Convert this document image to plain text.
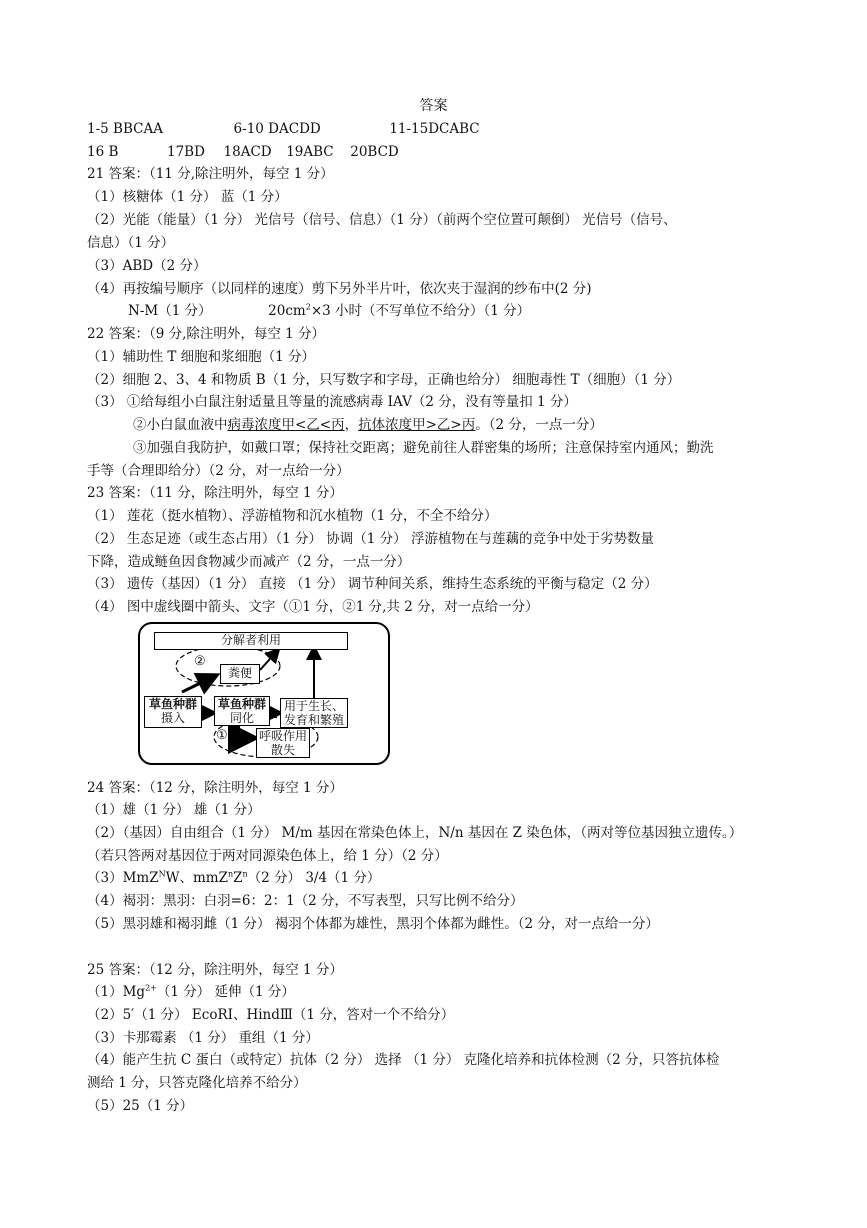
答案
1-5 BBCAA	6-10 DACDD	11-15DCABC
16 B	17BD 18ACD 19ABC 20BCD
21 答案：（11 分,除注明外，每空 1 分）
（1）核糖体（1 分） 蓝（1 分）
（2）光能（能量）（1 分） 光信号（信号、信息）（1 分）（前两个空位置可颠倒） 光信号（信号、
信息）（1 分）
（3）ABD（2 分）
（4）再按编号顺序（以同样的速度）剪下另外半片叶，依次夹于湿润的纱布中(2 分)
N-M（1 分）	$20cm^2\times 3$ 小时（不写单位不给分）（1 分）
22 答案：（9 分,除注明外，每空 1 分）
（1）辅助性 T 细胞和浆细胞（1 分）
（2）细胞 2、3、4 和物质 B（1 分，只写数字和字母，正确也给分） 细胞毒性 T（细胞）（1 分）
（3） ①给每组小白鼠注射适量且等量的流感病毒 IAV（2 分，没有等量扣 1 分）
②小白鼠血液中病毒浓度甲<乙<丙，抗体浓度甲>乙>丙。（2 分，一点一分）
③加强自我防护，如戴口罩；保持社交距离；避免前往人群密集的场所；注意保持室内通风；勤洗
手等（合理即给分）（2 分，对一点给一分）
23 答案：（11 分，除注明外，每空 1 分）
（1） 莲花（挺水植物）、浮游植物和沉水植物（1 分，不全不给分）
（2） 生态足迹（或生态占用）（1 分） 协调（1 分） 浮游植物在与莲藕的竞争中处于劣势数量
下降，造成鲢鱼因食物减少而减产（2 分，一点一分）
（3） 遗传（基因）（1 分） 直接 （1 分） 调节种间关系，维持生态系统的平衡与稳定（2 分）
（4） 图中虚线圈中箭头、文字（①1 分，②1 分,共 2 分，对一点给一分）
分解者利用
②
粪便
草鱼种群
摄入
草鱼种群
同化
用于生长、
发育和繁殖
①	呼吸作用
散失
24 答案：（12 分，除注明外，每空 1 分）
（1）雄（1 分） 雄（1 分）
（2）（基因）自由组合（1 分） M/m 基因在常染色体上，N/n 基因在 Z 染色体，（两对等位基因独立遗传。）
（若只答两对基因位于两对同源染色体上，给 1 分）（2 分）
（3）MmZ$^N$W、$mmZ^nZ^n(2$ 分） 3/4（1 分）
（4）褐羽：黑羽：白羽=6：2：1（2 分，不写表型，只写比例不给分）
（5）黑羽雄和褐羽雌（1 分） 褐羽个体都为雄性，黑羽个体都为雌性。（2 分，对一点给一分）
25 答案：（12 分，除注明外，每空 1 分）
$(1)Mg^{2+}(1$ 分） 延伸（1 分）
（2）5′（1 分） EcoRI、HindⅢ（1 分，答对一个不给分）
（3）卡那霉素 （1 分） 重组（1 分）
（4）能产生抗 C 蛋白（或特定）抗体（2 分） 选择 （1 分） 克隆化培养和抗体检测（2 分，只答抗体检
测给 1 分，只答克隆化培养不给分）
（5）25（1 分）
